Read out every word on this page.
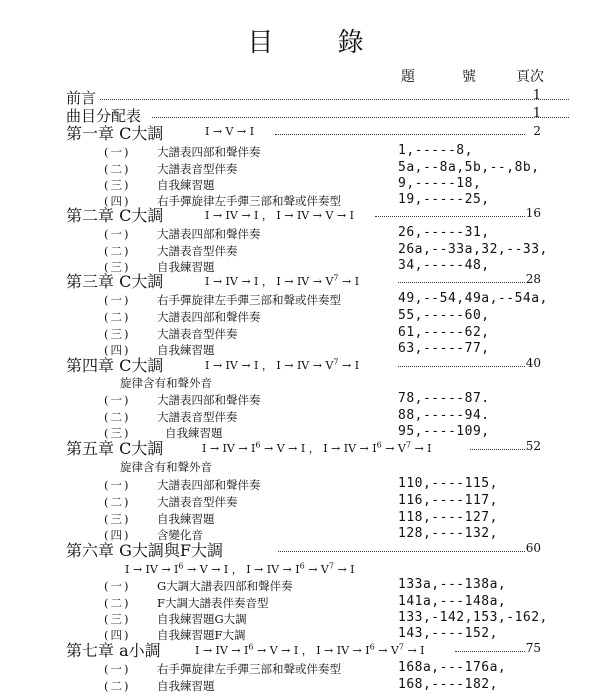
目 錄
題	號	頁次
前言	1
曲目分配表	1
第一章 C大調	I → V → I	2
(一) 大譜表四部和聲伴奏	1,-----8,
(二) 大譜表音型伴奏	5a,--8a,5b,--,8b,
(三) 自我練習題	9,-----18,
(四) 右手彈旋律左手彈三部和聲或伴奏型	19,-----25,
第二章 C大調	I → IV → I ， I → IV → V → I	16
(一) 大譜表四部和聲伴奏	26,-----31,
(二) 大譜表音型伴奏	26a,--33a,32,--33,
(三) 自我練習題	34,-----48,
第三章 C大調	I → IV → I ， I → IV → $V^7 \to I$	28
(一) 右手彈旋律左手彈三部和聲或伴奏型	49,--54,49a,--54a,
(二) 大譜表四部和聲伴奏	55,-----60,
(三) 大譜表音型伴奏	61,-----62,
(四) 自我練習題	63,-----77,
第四章 C大調	I → IV → I ， I → IV → $V^7 \to I$	40
旋律含有和聲外音
(一) 大譜表四部和聲伴奏	78,-----87.
(二) 大譜表音型伴奏	88,-----94.
(三)	自我練習題	95,----109,
第五章 C大調	I → IV → $I^6 \to V \to I$ ， I → IV → $I^6 \to V^7 \to I$	52
旋律含有和聲外音
(一) 大譜表四部和聲伴奏	110,----115,
(二) 大譜表音型伴奏	116,----117,
(三) 自我練習題	118,----127,
(四) 含變化音	128,----132,
第六章 G大調與F大調	60
I → IV → $I^6 \to V \to I$ ， I → IV → $I^6 \to V^7 \to I$
(一) G大調大譜表四部和聲伴奏	133a,---138a,
(二) F大調大譜表伴奏音型	141a,---148a,
(三) 自我練習題G大調	133,-142,153,-162,
(四) 自我練習題F大調	143,----152,
第七章 a小調	I → IV → $I^6 \to V \to I$ ， I → IV → $I^6 \to V^7 \to I$	75
(一) 右手彈旋律左手彈三部和聲或伴奏型	168a,---176a,
(二) 自我練習題	168,----182,
